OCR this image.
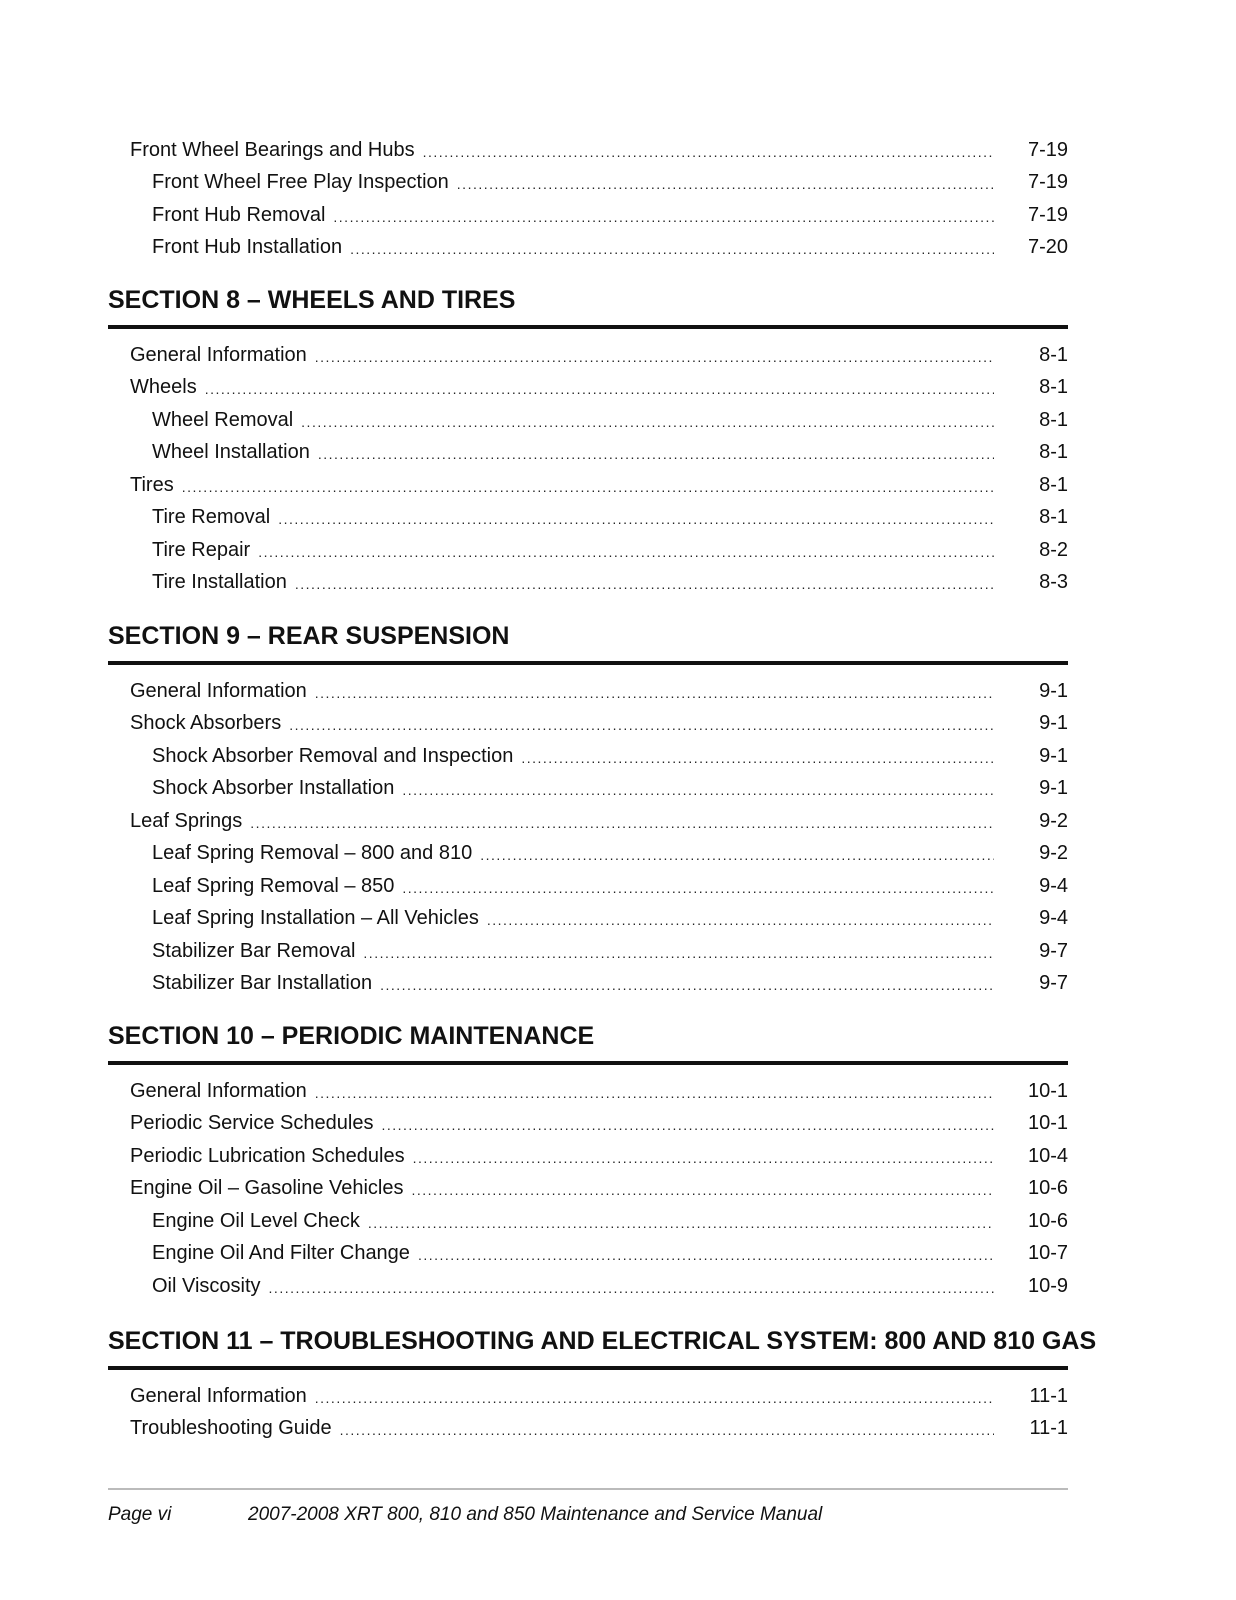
Front Wheel Bearings and Hubs .....	7-19
Front Wheel Free Play Inspection .....	7-19
Front Hub Removal .....	7-19
Front Hub Installation .....	7-20
SECTION 8 – WHEELS AND TIRES
General Information .....	8-1
Wheels .....	8-1
Wheel Removal .....	8-1
Wheel Installation .....	8-1
Tires .....	8-1
Tire Removal .....	8-1
Tire Repair .....	8-2
Tire Installation .....	8-3
SECTION 9 – REAR SUSPENSION
General Information .....	9-1
Shock Absorbers .....	9-1
Shock Absorber Removal and Inspection .....	9-1
Shock Absorber Installation .....	9-1
Leaf Springs .....	9-2
Leaf Spring Removal – 800 and 810 .....	9-2
Leaf Spring Removal – 850 .....	9-4
Leaf Spring Installation – All Vehicles .....	9-4
Stabilizer Bar Removal .....	9-7
Stabilizer Bar Installation .....	9-7
SECTION 10 – PERIODIC MAINTENANCE
General Information .....	10-1
Periodic Service Schedules .....	10-1
Periodic Lubrication Schedules .....	10-4
Engine Oil – Gasoline Vehicles .....	10-6
Engine Oil Level Check .....	10-6
Engine Oil And Filter Change .....	10-7
Oil Viscosity .....	10-9
SECTION 11 – TROUBLESHOOTING AND ELECTRICAL SYSTEM: 800 AND 810 GAS
General Information .....	11-1
Troubleshooting Guide .....	11-1
Page vi	2007-2008 XRT 800, 810 and 850 Maintenance and Service Manual
